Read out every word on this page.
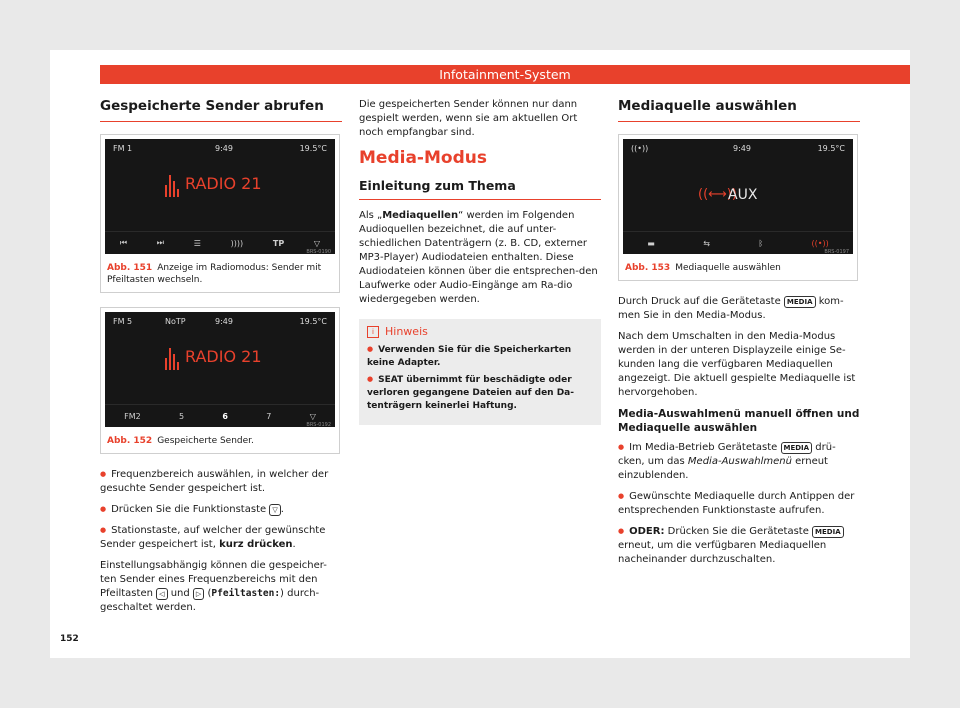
Infotainment-System
Gespeicherte Sender abrufen
FM 1	9:49	19.5°C
RADIO 21
⏮	⏭	☰	))))	TP	▽
BRS-0190
Abb. 151 Anzeige im Radiomodus: Sender mit Pfeiltasten wechseln.
FM 5	NoTP	9:49	19.5°C
RADIO 21
FM2	5	6	7	▽
BRS-0192
Abb. 152 Gespeicherte Sender.

● Frequenzbereich auswählen, in welcher der gesuchte Sender gespeichert ist.

● Drücken Sie die Funktionstaste ▽ .

● Stationstaste, auf welcher der gewünschte Sender gespeichert ist, kurz drücken.

Einstellungsabhängig können die gespeicher-ten Sender eines Frequenzbereichs mit den Pfeiltasten ◁ und ▷ (Pfeiltasten:) durch-geschaltet werden.

Die gespeicherten Sender können nur dann gespielt werden, wenn sie am aktuellen Ort noch empfangbar sind.

Media-Modus
Einleitung zum Thema

Als „Mediaquellen“ werden im Folgenden Audioquellen bezeichnet, die auf unter-schiedlichen Datenträgern (z. B. CD, externer MP3-Player) Audiodateien enthalten. Diese Audiodateien können über die entsprechen-den Laufwerke oder Audio-Eingänge am Ra-dio wiedergegeben werden.

i	Hinweis

● Verwenden Sie für die Speicherkarten keine Adapter.

● SEAT übernimmt für beschädigte oder verloren gegangene Dateien auf den Da-tenträgern keinerlei Haftung.

Mediaquelle auswählen
((•))	9:49	19.5°C
((⟷))
AUX
▬	⇆	ᛒ	((•))
BRS-0197
Abb. 153 Mediaquelle auswählen

Durch Druck auf die Gerätetaste MEDIA kom-men Sie in den Media-Modus.

Nach dem Umschalten in den Media-Modus werden in der unteren Displayzeile einige Se-kunden lang die verfügbaren Mediaquellen angezeigt. Die aktuell gespielte Mediaquelle ist hervorgehoben.

Media-Auswahlmenü manuell öffnen und Mediaquelle auswählen

● Im Media-Betrieb Gerätetaste MEDIA drü-cken, um das Media-Auswahlmenü erneut einzublenden.

● Gewünschte Mediaquelle durch Antippen der entsprechenden Funktionstaste aufrufen.

● ODER: Drücken Sie die Gerätetaste MEDIA erneut, um die verfügbaren Mediaquellen nacheinander durchzuschalten.

152
